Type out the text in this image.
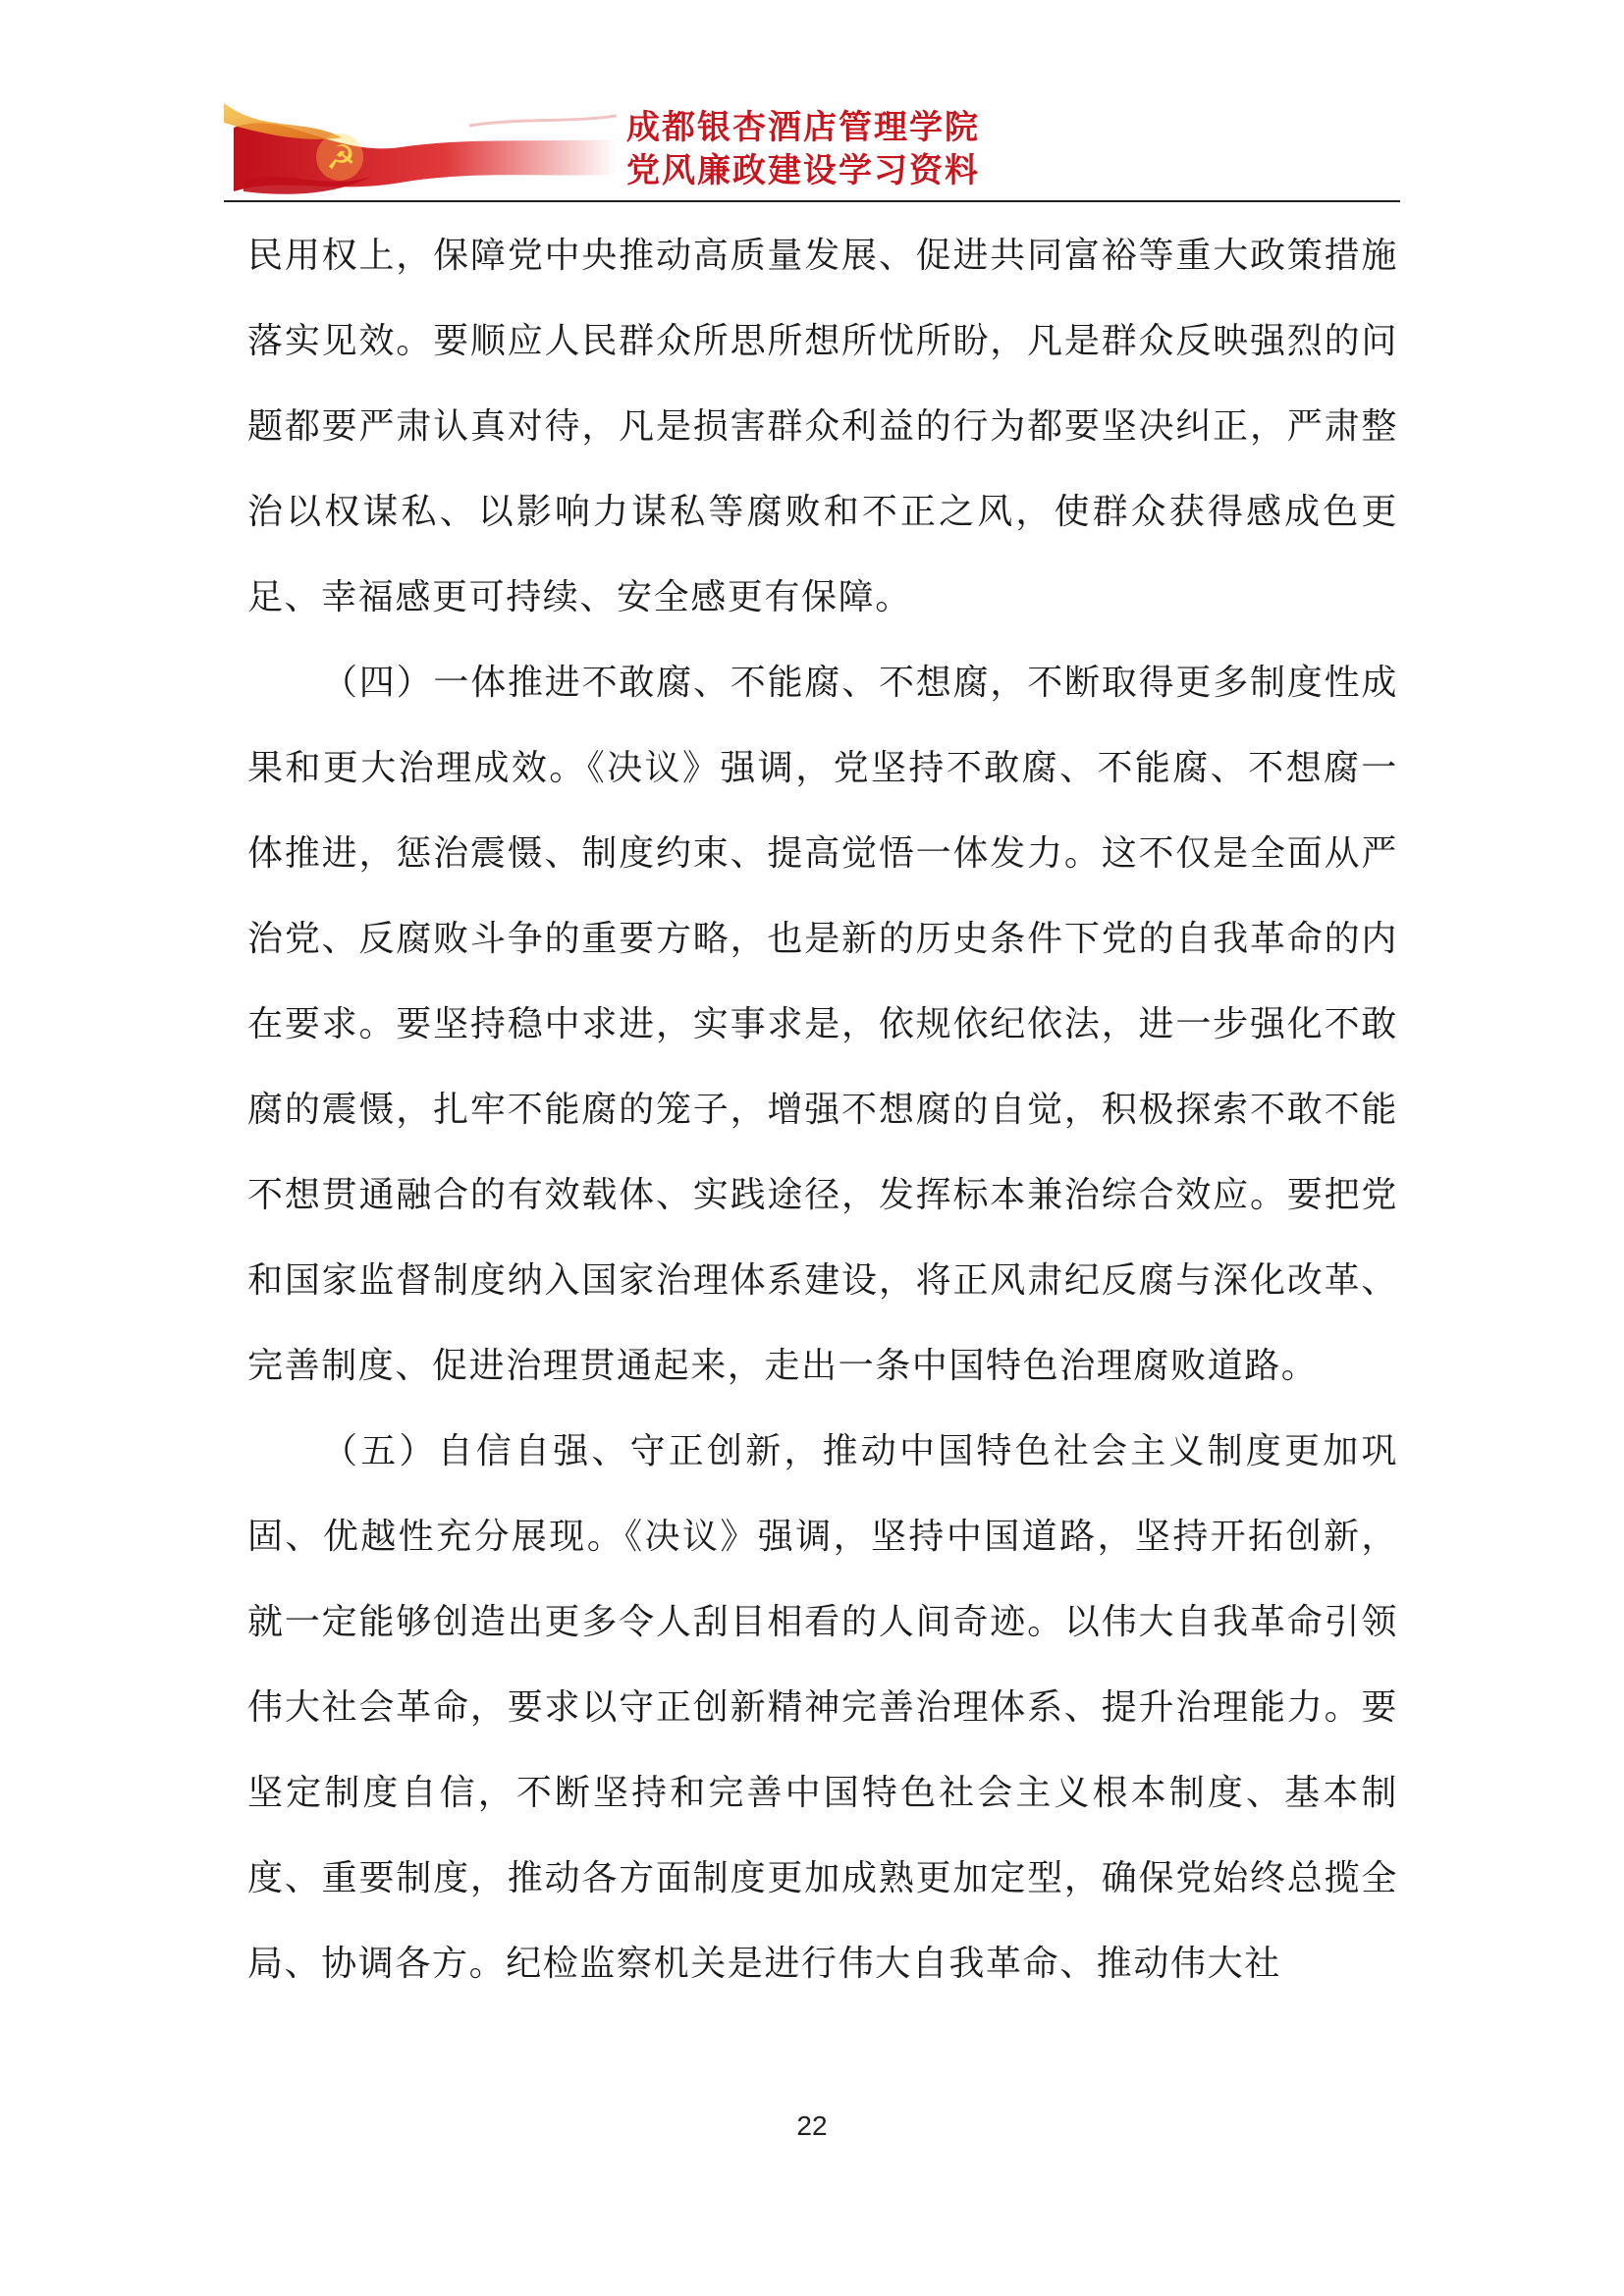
☭
成都银杏酒店管理学院
党风廉政建设学习资料

民用权上，保障党中央推动高质量发展、促进共同富裕等重大政策措施落实见效。要顺应人民群众所思所想所忧所盼，凡是群众反映强烈的问题都要严肃认真对待，凡是损害群众利益的行为都要坚决纠正，严肃整治以权谋私、以影响力谋私等腐败和不正之风，使群众获得感成色更足、幸福感更可持续、安全感更有保障。

（四）一体推进不敢腐、不能腐、不想腐，不断取得更多制度性成果和更大治理成效。《决议》强调，党坚持不敢腐、不能腐、不想腐一体推进，惩治震慑、制度约束、提高觉悟一体发力。这不仅是全面从严治党、反腐败斗争的重要方略，也是新的历史条件下党的自我革命的内在要求。要坚持稳中求进，实事求是，依规依纪依法，进一步强化不敢腐的震慑，扎牢不能腐的笼子，增强不想腐的自觉，积极探索不敢不能不想贯通融合的有效载体、实践途径，发挥标本兼治综合效应。要把党和国家监督制度纳入国家治理体系建设，将正风肃纪反腐与深化改革、完善制度、促进治理贯通起来，走出一条中国特色治理腐败道路。

（五）自信自强、守正创新，推动中国特色社会主义制度更加巩固、优越性充分展现。《决议》强调，坚持中国道路，坚持开拓创新，就一定能够创造出更多令人刮目相看的人间奇迹。以伟大自我革命引领伟大社会革命，要求以守正创新精神完善治理体系、提升治理能力。要坚定制度自信，不断坚持和完善中国特色社会主义根本制度、基本制度、重要制度，推动各方面制度更加成熟更加定型，确保党始终总揽全局、协调各方。纪检监察机关是进行伟大自我革命、推动伟大社

22
